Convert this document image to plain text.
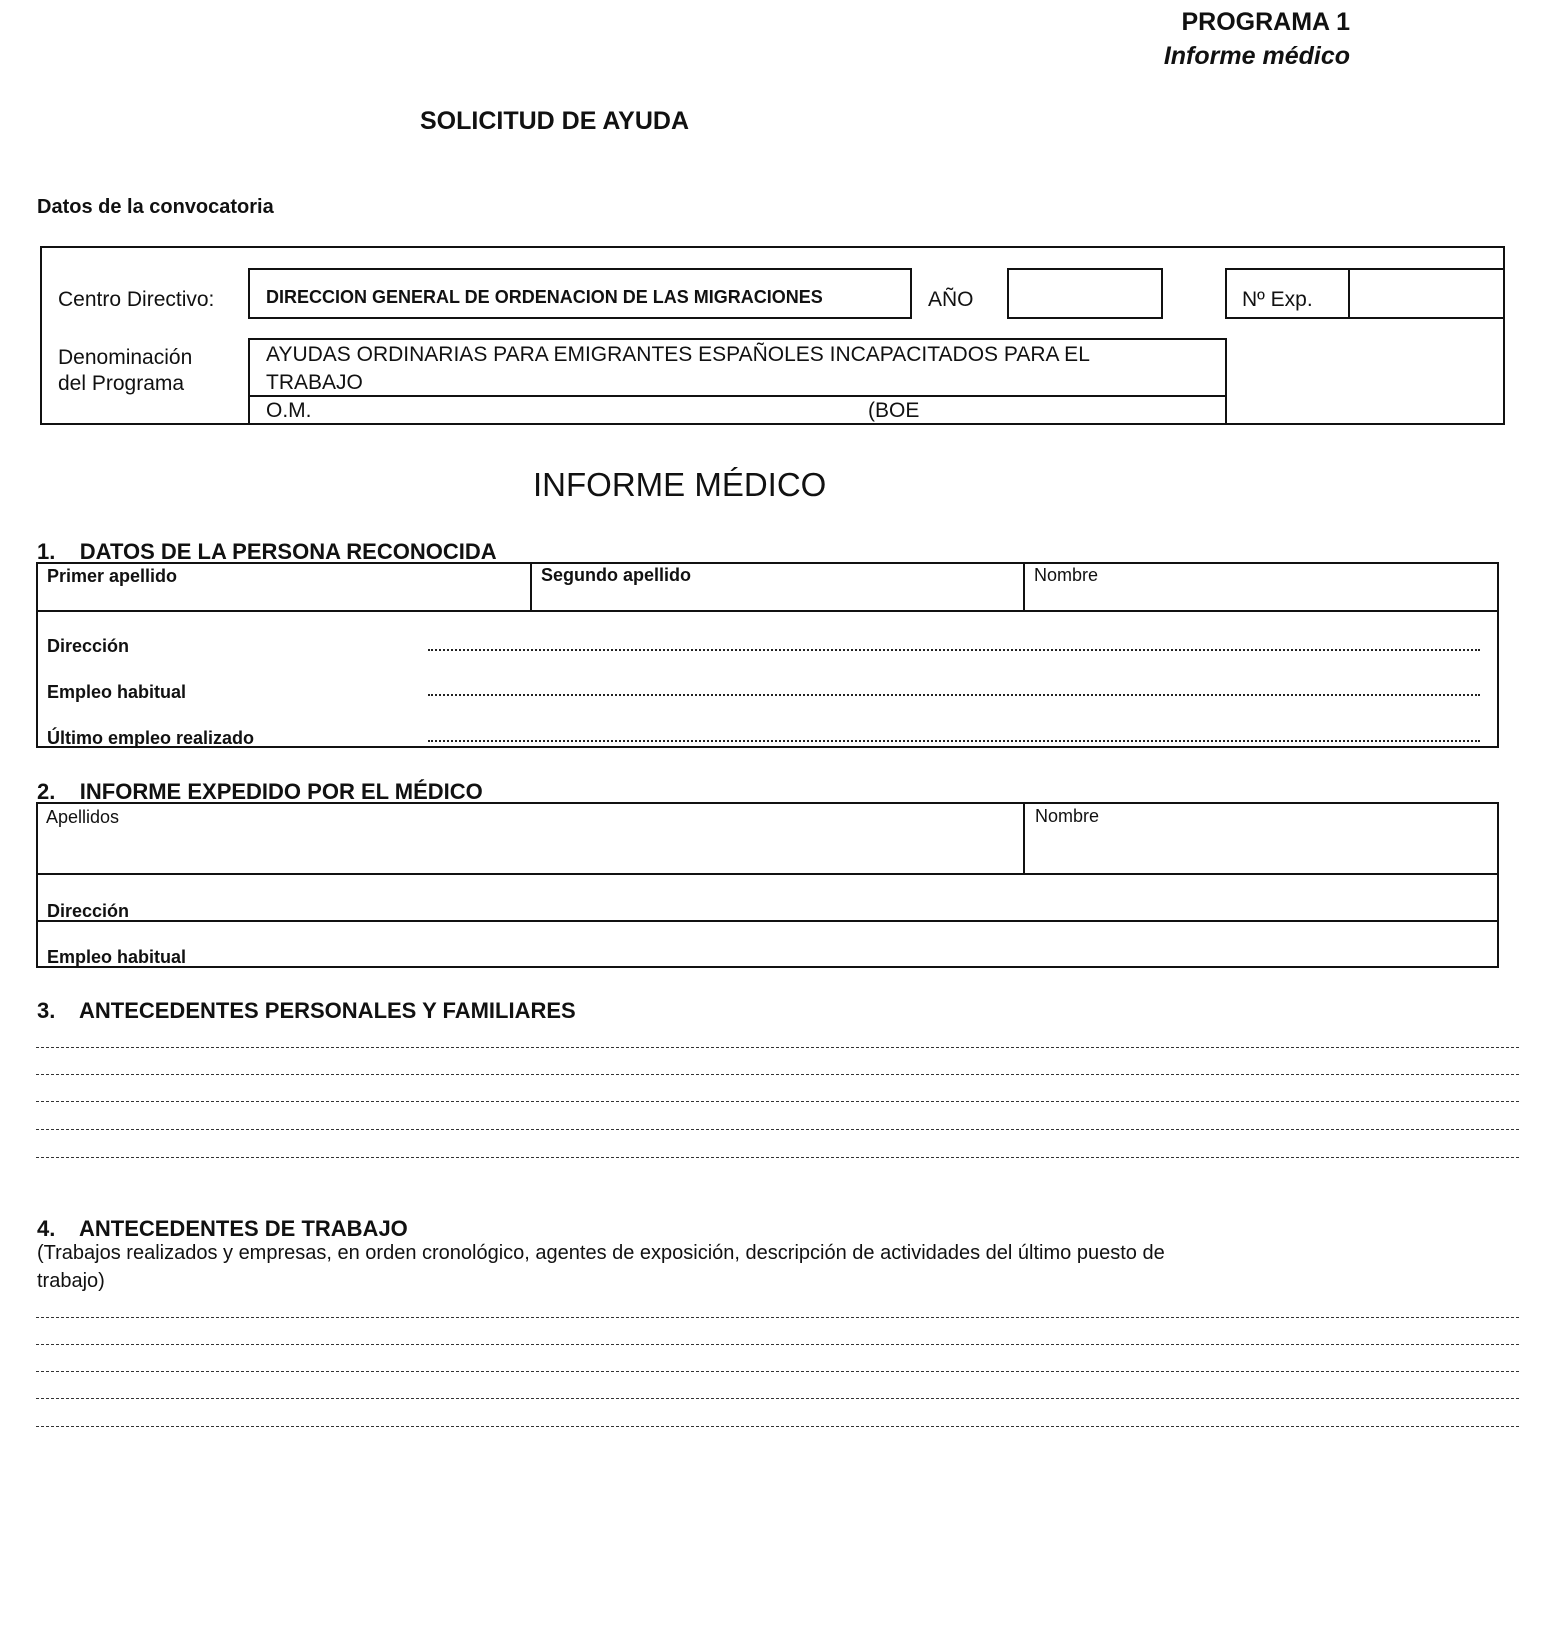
PROGRAMA 1
Informe médico
SOLICITUD DE AYUDA
Datos de la convocatoria
Centro Directivo:	DIRECCION GENERAL DE ORDENACION DE LAS MIGRACIONES	AÑO	Nº Exp.
Denominación
del Programa
AYUDAS ORDINARIAS PARA EMIGRANTES ESPAÑOLES INCAPACITADOS PARA EL
TRABAJO
O.M.	(BOE
INFORME MÉDICO
1.    DATOS DE LA PERSONA RECONOCIDA
Primer apellido	Segundo apellido	Nombre
Dirección
Empleo habitual
Último empleo realizado
2.    INFORME EXPEDIDO POR EL MÉDICO
Apellidos	Nombre
Dirección
Empleo habitual
3.    ANTECEDENTES PERSONALES Y FAMILIARES
4.    ANTECEDENTES DE TRABAJO
(Trabajos realizados y empresas, en orden cronológico, agentes de exposición, descripción de actividades del último puesto de
trabajo)
